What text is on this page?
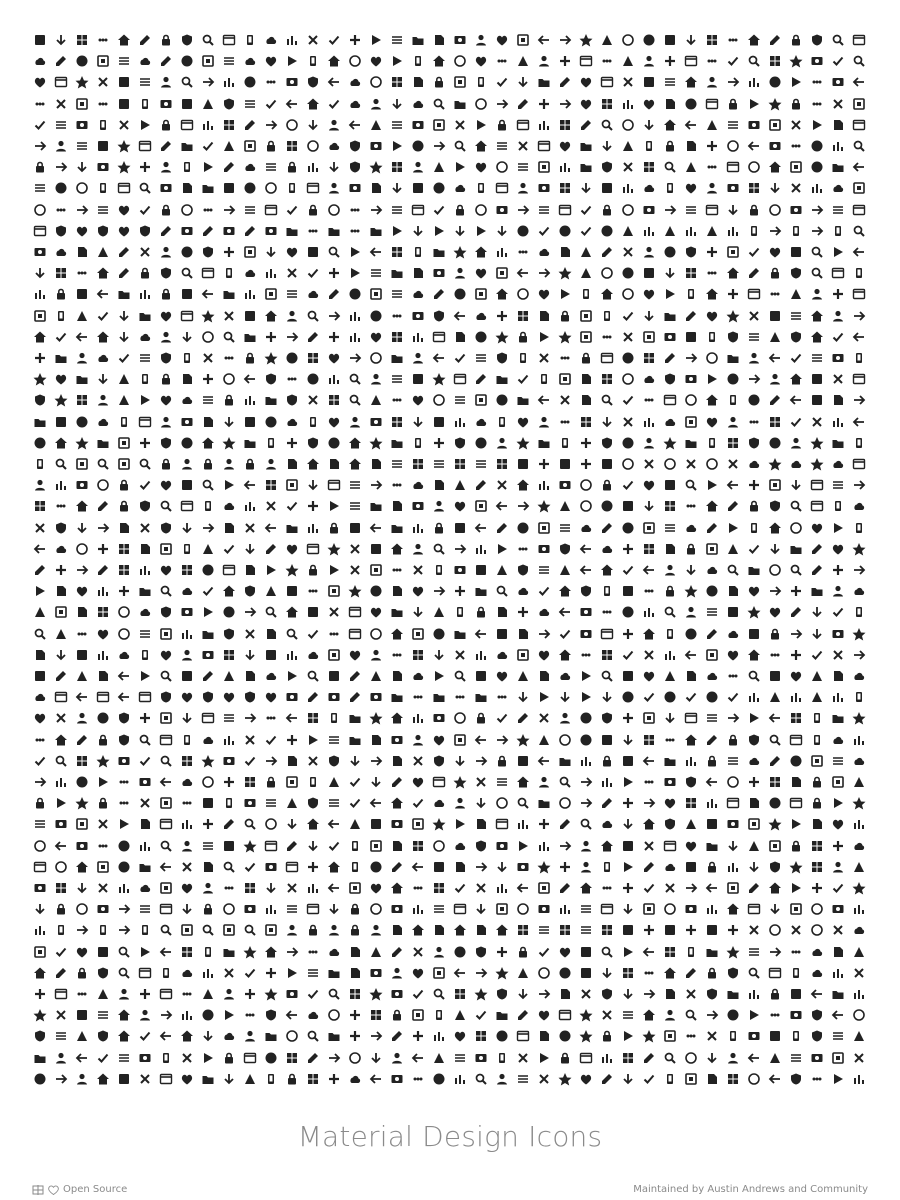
Material Design Icons
Open Source	Maintained by Austin Andrews and Community
